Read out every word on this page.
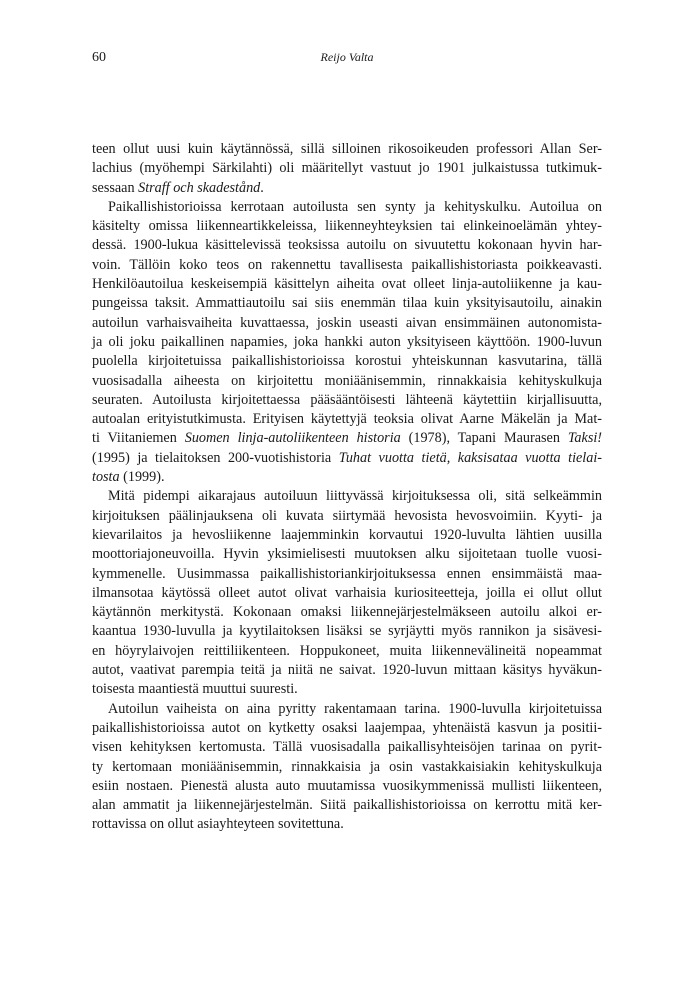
60	Reijo Valta
teen ollut uusi kuin käytännössä, sillä silloinen rikosoikeuden professori Allan Ser-
lachius (myöhempi Särkilahti) oli määritellyt vastuut jo 1901 julkaistussa tutkimuk-
sessaan Straff och skadestånd.
Paikallishistorioissa kerrotaan autoilusta sen synty ja kehityskulku. Autoilua on
käsitelty omissa liikenneartikkeleissa, liikenneyhteyksien tai elinkeinoelämän yhtey-
dessä. 1900-lukua käsittelevissä teoksissa autoilu on sivuutettu kokonaan hyvin har-
voin. Tällöin koko teos on rakennettu tavallisesta paikallishistoriasta poikkeavasti.
Henkilöautoilua keskeisempiä käsittelyn aiheita ovat olleet linja-autoliikenne ja kau-
pungeissa taksit. Ammattiautoilu sai siis enemmän tilaa kuin yksityisautoilu, ainakin
autoilun varhaisvaiheita kuvattaessa, joskin useasti aivan ensimmäinen autonomista-
ja oli joku paikallinen napamies, joka hankki auton yksityiseen käyttöön. 1900-luvun
puolella kirjoitetuissa paikallishistorioissa korostui yhteiskunnan kasvutarina, tällä
vuosisadalla aiheesta on kirjoitettu moniäänisemmin, rinnakkaisia kehityskulkuja
seuraten. Autoilusta kirjoitettaessa pääsääntöisesti lähteenä käytettiin kirjallisuutta,
autoalan erityistutkimusta. Erityisen käytettyjä teoksia olivat Aarne Mäkelän ja Mat-
ti Viitaniemen Suomen linja-autoliikenteen historia (1978), Tapani Maurasen Taksi!
(1995) ja tielaitoksen 200-vuotishistoria Tuhat vuotta tietä, kaksisataa vuotta tielai-
tosta (1999).
Mitä pidempi aikarajaus autoiluun liittyvässä kirjoituksessa oli, sitä selkeämmin
kirjoituksen päälinjauksena oli kuvata siirtymää hevosista hevosvoimiin. Kyyti- ja
kievarilaitos ja hevosliikenne laajemminkin korvautui 1920-luvulta lähtien uusilla
moottoriajoneuvoilla. Hyvin yksimielisesti muutoksen alku sijoitetaan tuolle vuosi-
kymmenelle. Uusimmassa paikallishistoriankirjoituksessa ennen ensimmäistä maa-
ilmansotaa käytössä olleet autot olivat varhaisia kuriositeetteja, joilla ei ollut ollut
käytännön merkitystä. Kokonaan omaksi liikennejärjestelmäkseen autoilu alkoi er-
kaantua 1930-luvulla ja kyytilaitoksen lisäksi se syrjäytti myös rannikon ja sisävesi-
en höyrylaivojen reittiliikenteen. Hoppukoneet, muita liikennevälineitä nopeammat
autot, vaativat parempia teitä ja niitä ne saivat. 1920-luvun mittaan käsitys hyväkun-
toisesta maantiestä muuttui suuresti.
Autoilun vaiheista on aina pyritty rakentamaan tarina. 1900-luvulla kirjoitetuissa
paikallishistorioissa autot on kytketty osaksi laajempaa, yhtenäistä kasvun ja positii-
visen kehityksen kertomusta. Tällä vuosisadalla paikallisyhteisöjen tarinaa on pyrit-
ty kertomaan moniäänisemmin, rinnakkaisia ja osin vastakkaisiakin kehityskulkuja
esiin nostaen. Pienestä alusta auto muutamissa vuosikymmenissä mullisti liikenteen,
alan ammatit ja liikennejärjestelmän. Siitä paikallishistorioissa on kerrottu mitä ker-
rottavissa on ollut asiayhteyteen sovitettuna.
